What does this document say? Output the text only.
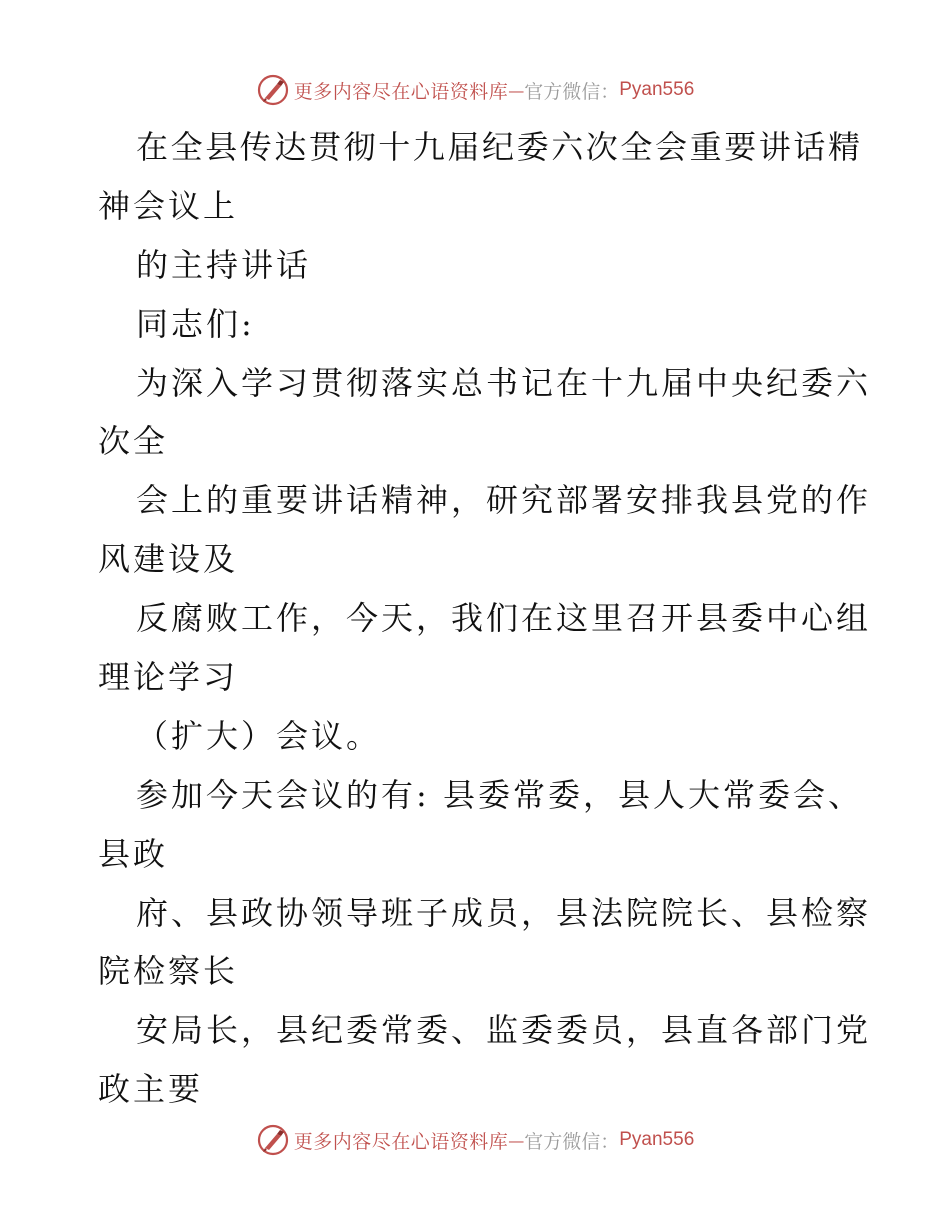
更多内容尽在心语资料库 — 官方微信： Pyan556
在全县传达贯彻十九届纪委六次全会重要讲话精
神会议上
的主持讲话
同志们:
为深入学习贯彻落实总书记在十九届中央纪委六
次全
会上的重要讲话精神，研究部署安排我县党的作
风建设及
反腐败工作，今天，我们在这里召开县委中心组
理论学习
（扩大）会议。
参加今天会议的有: 县委常委，县人大常委会、
县政
府、县政协领导班子成员，县法院院长、县检察
院检察长
安局长，县纪委常委、监委委员，县直各部门党
政主要
更多内容尽在心语资料库 — 官方微信： Pyan556
